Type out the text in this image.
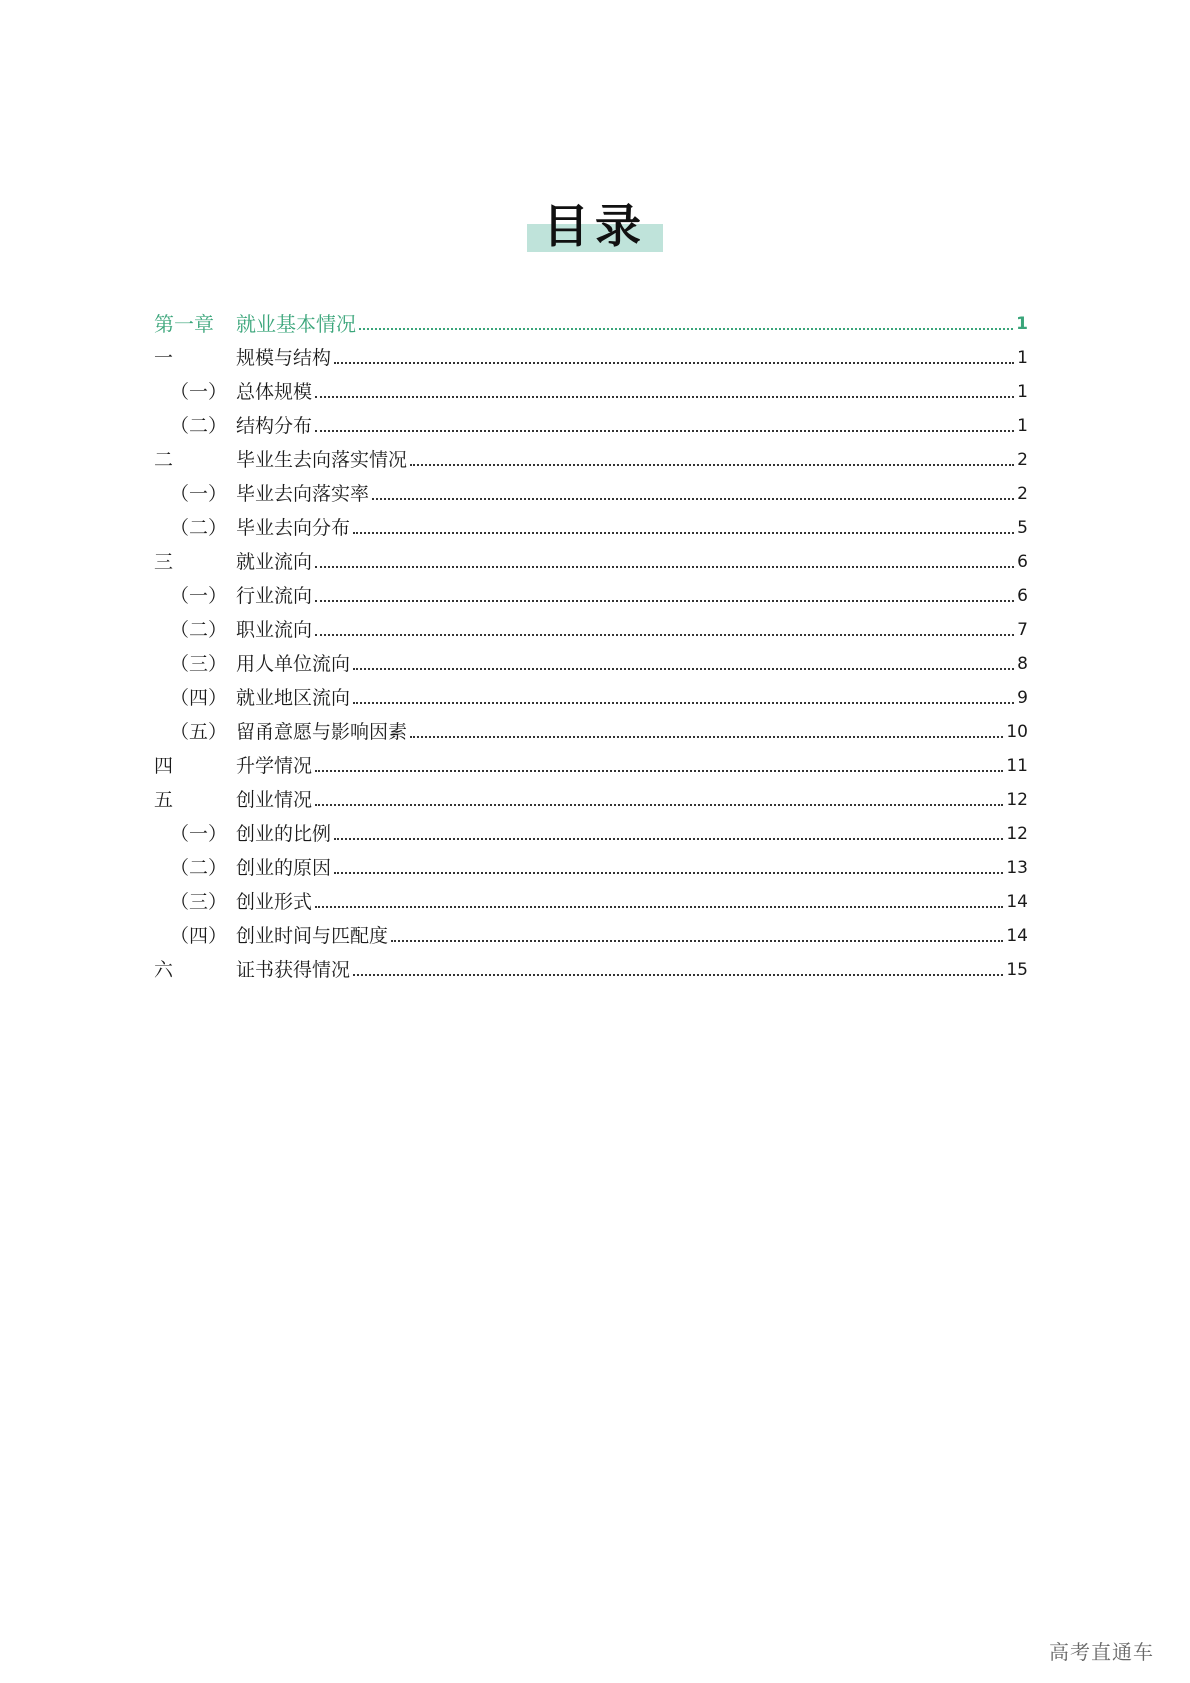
目录
第一章	就业基本情况	1
一	规模与结构	1
（一） 总体规模	1
（二） 结构分布	1
二	毕业生去向落实情况	2
（一） 毕业去向落实率	2
（二） 毕业去向分布	5
三	就业流向	6
（一） 行业流向	6
（二） 职业流向	7
（三） 用人单位流向	8
（四） 就业地区流向	9
（五） 留甬意愿与影响因素	10
四	升学情况	11
五	创业情况	12
（一） 创业的比例	12
（二） 创业的原因	13
（三） 创业形式	14
（四） 创业时间与匹配度	14
六	证书获得情况	15
高考直通车
